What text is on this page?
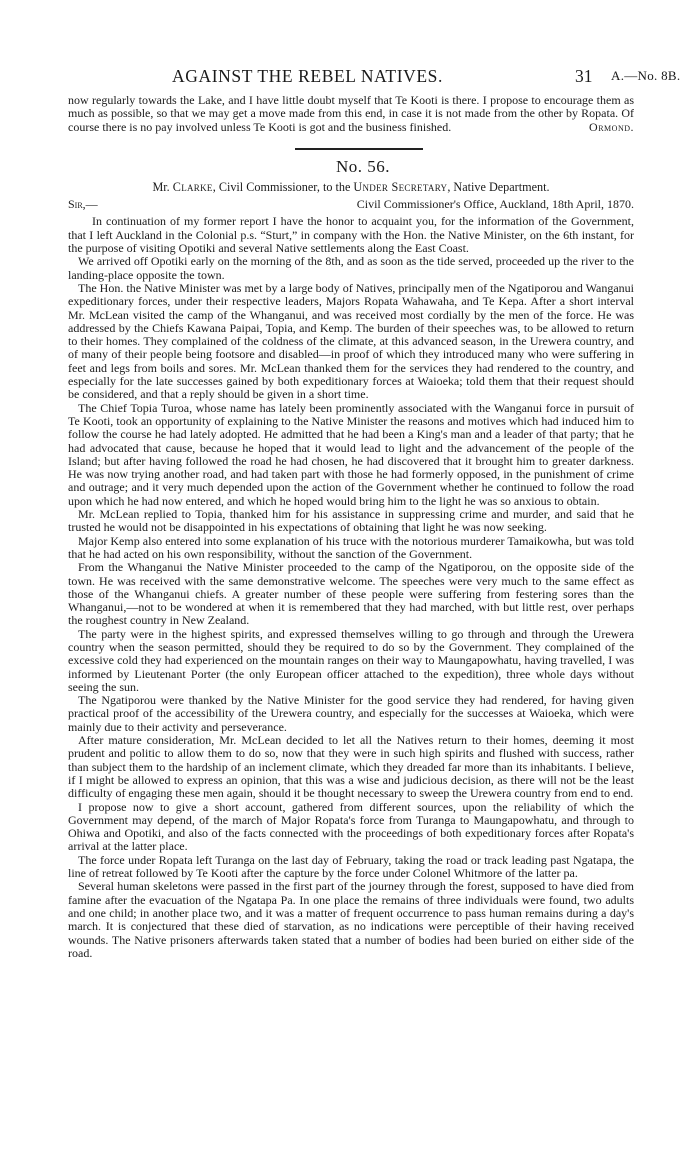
AGAINST THE REBEL NATIVES.	31 A.—No. 8B.

now regularly towards the Lake, and I have little doubt myself that Te Kooti is there. I propose to encourage them as much as possible, so that we may get a move made from this end, in case it is not made from the other by Ropata. Of course there is no pay involved unless Te Kooti is got and the business finished.	Ormond.

No. 56.

Mr. Clarke, Civil Commissioner, to the Under Secretary, Native Department.

Sir,—	Civil Commissioner's Office, Auckland, 18th April, 1870.

In continuation of my former report I have the honor to acquaint you, for the information of the Government, that I left Auckland in the Colonial p.s. “Sturt,” in company with the Hon. the Native Minister, on the 6th instant, for the purpose of visiting Opotiki and several Native settlements along the East Coast.

We arrived off Opotiki early on the morning of the 8th, and as soon as the tide served, proceeded up the river to the landing-place opposite the town.

The Hon. the Native Minister was met by a large body of Natives, principally men of the Ngatiporou and Wanganui expeditionary forces, under their respective leaders, Majors Ropata Wahawaha, and Te Kepa. After a short interval Mr. McLean visited the camp of the Whanganui, and was received most cordially by the men of the force. He was addressed by the Chiefs Kawana Paipai, Topia, and Kemp. The burden of their speeches was, to be allowed to return to their homes. They complained of the coldness of the climate, at this advanced season, in the Urewera country, and of many of their people being footsore and disabled—in proof of which they introduced many who were suffering in feet and legs from boils and sores. Mr. McLean thanked them for the services they had rendered to the country, and especially for the late successes gained by both expeditionary forces at Waioeka; told them that their request should be considered, and that a reply should be given in a short time.

The Chief Topia Turoa, whose name has lately been prominently associated with the Wanganui force in pursuit of Te Kooti, took an opportunity of explaining to the Native Minister the reasons and motives which had induced him to follow the course he had lately adopted. He admitted that he had been a King's man and a leader of that party; that he had advocated that cause, because he hoped that it would lead to light and the advancement of the people of the Island; but after having followed the road he had chosen, he had discovered that it brought him to greater darkness. He was now trying another road, and had taken part with those he had formerly opposed, in the punishment of crime and outrage; and it very much depended upon the action of the Government whether he continued to follow the road upon which he had now entered, and which he hoped would bring him to the light he was so anxious to obtain.

Mr. McLean replied to Topia, thanked him for his assistance in suppressing crime and murder, and said that he trusted he would not be disappointed in his expectations of obtaining that light he was now seeking.

Major Kemp also entered into some explanation of his truce with the notorious murderer Tamaikowha, but was told that he had acted on his own responsibility, without the sanction of the Government.

From the Whanganui the Native Minister proceeded to the camp of the Ngatiporou, on the opposite side of the town. He was received with the same demonstrative welcome. The speeches were very much to the same effect as those of the Whanganui chiefs. A greater number of these people were suffering from festering sores than the Whanganui,—not to be wondered at when it is remembered that they had marched, with but little rest, over perhaps the roughest country in New Zealand.

The party were in the highest spirits, and expressed themselves willing to go through and through the Urewera country when the season permitted, should they be required to do so by the Government. They complained of the excessive cold they had experienced on the mountain ranges on their way to Maungapowhatu, having travelled, I was informed by Lieutenant Porter (the only European officer attached to the expedition), three whole days without seeing the sun.

The Ngatiporou were thanked by the Native Minister for the good service they had rendered, for having given practical proof of the accessibility of the Urewera country, and especially for the successes at Waioeka, which were mainly due to their activity and perseverance.

After mature consideration, Mr. McLean decided to let all the Natives return to their homes, deeming it most prudent and politic to allow them to do so, now that they were in such high spirits and flushed with success, rather than subject them to the hardship of an inclement climate, which they dreaded far more than its inhabitants. I believe, if I might be allowed to express an opinion, that this was a wise and judicious decision, as there will not be the least difficulty of engaging these men again, should it be thought necessary to sweep the Urewera country from end to end.

I propose now to give a short account, gathered from different sources, upon the reliability of which the Government may depend, of the march of Major Ropata's force from Turanga to Maungapowhatu, and through to Ohiwa and Opotiki, and also of the facts connected with the proceedings of both expeditionary forces after Ropata's arrival at the latter place.

The force under Ropata left Turanga on the last day of February, taking the road or track leading past Ngatapa, the line of retreat followed by Te Kooti after the capture by the force under Colonel Whitmore of the latter pa.

Several human skeletons were passed in the first part of the journey through the forest, supposed to have died from famine after the evacuation of the Ngatapa Pa. In one place the remains of three individuals were found, two adults and one child; in another place two, and it was a matter of frequent occurrence to pass human remains during a day's march. It is conjectured that these died of starvation, as no indications were perceptible of their having received wounds. The Native prisoners afterwards taken stated that a number of bodies had been buried on either side of the road.
